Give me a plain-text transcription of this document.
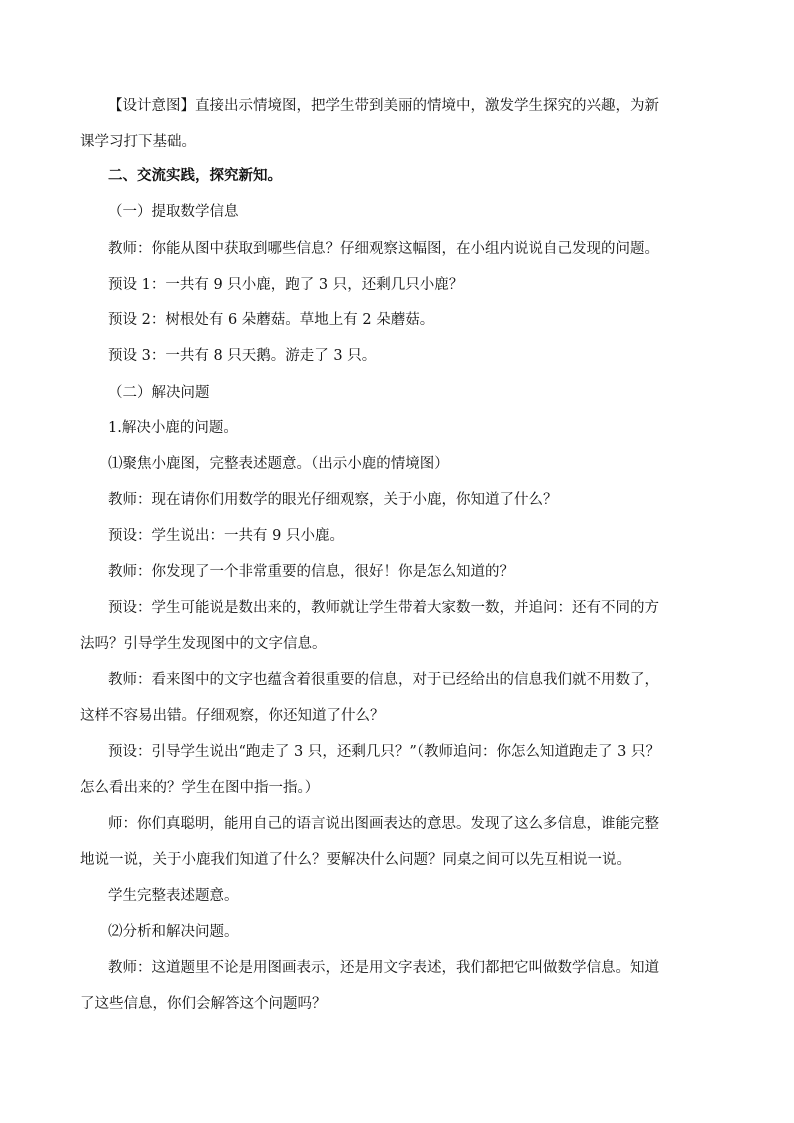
【设计意图】直接出示情境图，把学生带到美丽的情境中，激发学生探究的兴趣，为新
课学习打下基础。
二、交流实践，探究新知。
（一）提取数学信息
教师：你能从图中获取到哪些信息？仔细观察这幅图，在小组内说说自己发现的问题。
预设 1：一共有 9 只小鹿，跑了 3 只，还剩几只小鹿？
预设 2：树根处有 6 朵蘑菇。草地上有 2 朵蘑菇。
预设 3：一共有 8 只天鹅。游走了 3 只。
（二）解决问题
1.解决小鹿的问题。
⑴聚焦小鹿图，完整表述题意。（出示小鹿的情境图）
教师：现在请你们用数学的眼光仔细观察，关于小鹿，你知道了什么？
预设：学生说出：一共有 9 只小鹿。
教师：你发现了一个非常重要的信息，很好！你是怎么知道的？
预设：学生可能说是数出来的，教师就让学生带着大家数一数，并追问：还有不同的方
法吗？引导学生发现图中的文字信息。
教师：看来图中的文字也蕴含着很重要的信息，对于已经给出的信息我们就不用数了，
这样不容易出错。仔细观察，你还知道了什么？
预设：引导学生说出“跑走了 3 只，还剩几只？”（教师追问：你怎么知道跑走了 3 只？
怎么看出来的？学生在图中指一指。）
师：你们真聪明，能用自己的语言说出图画表达的意思。发现了这么多信息，谁能完整
地说一说，关于小鹿我们知道了什么？要解决什么问题？同桌之间可以先互相说一说。
学生完整表述题意。
⑵分析和解决问题。
教师：这道题里不论是用图画表示，还是用文字表述，我们都把它叫做数学信息。知道
了这些信息，你们会解答这个问题吗？
